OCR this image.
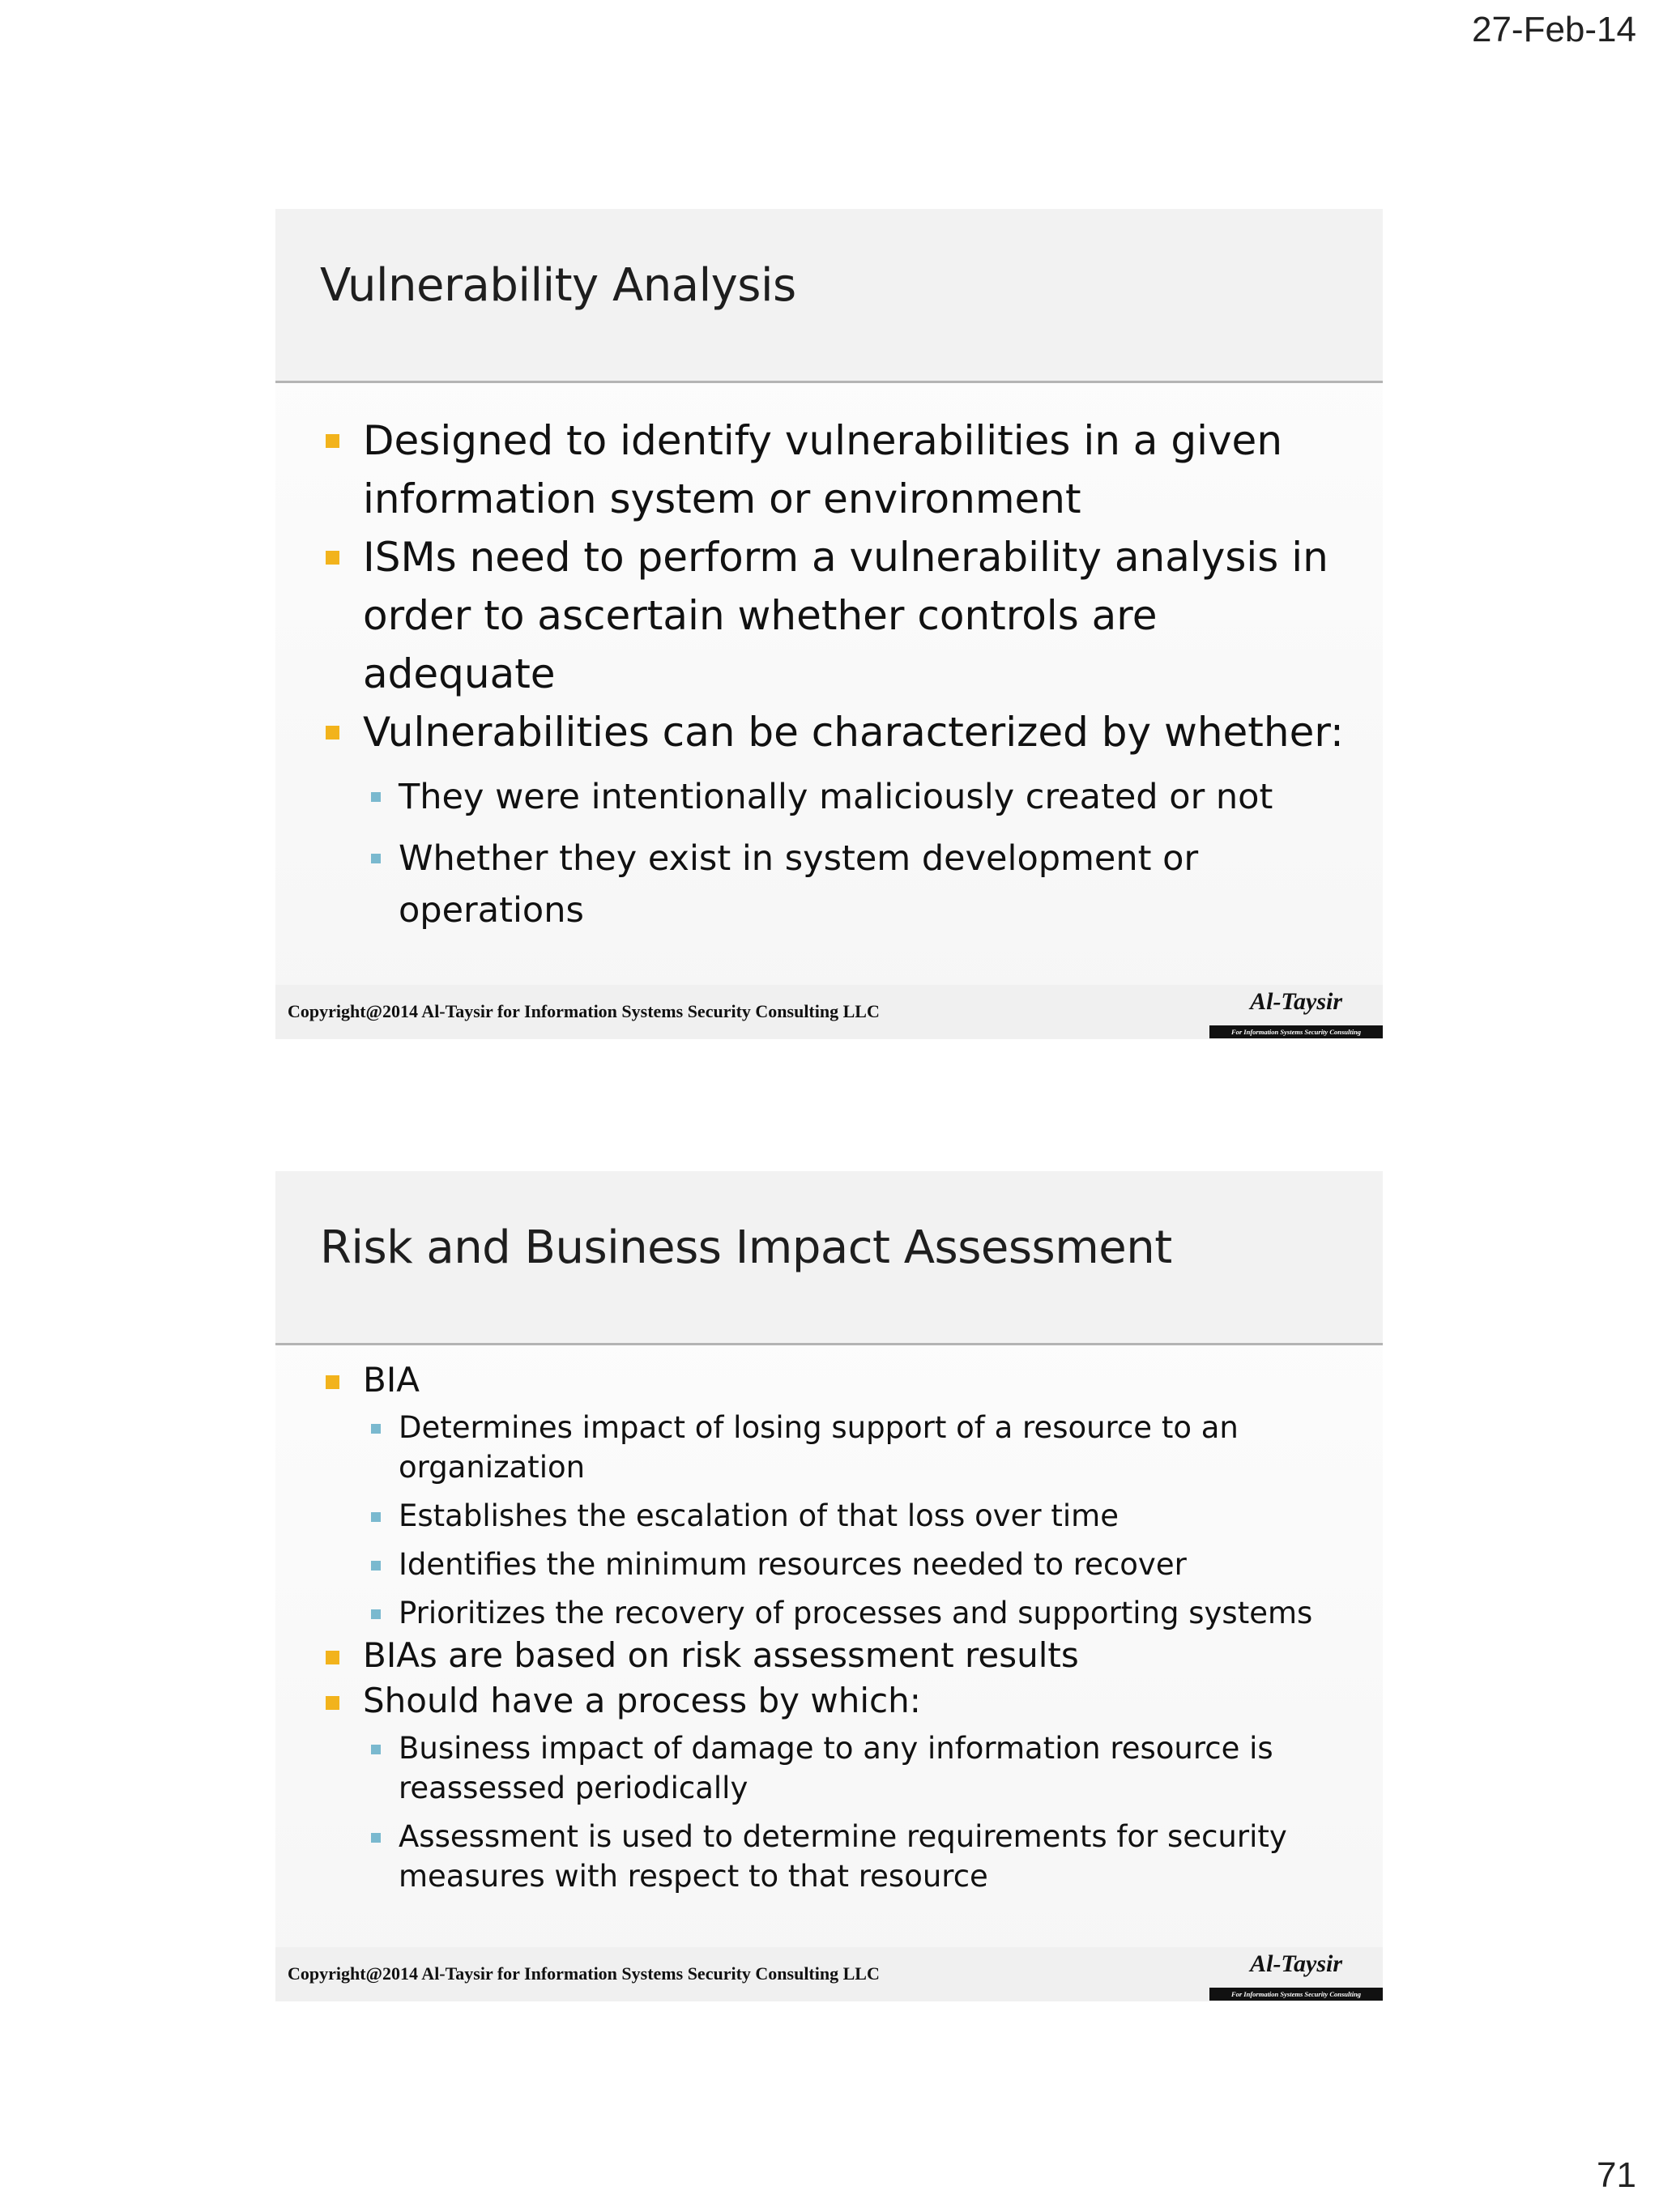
27-Feb-14
Vulnerability Analysis
Designed to identify vulnerabilities in a given information system or environment
ISMs need to perform a vulnerability analysis in order to ascertain whether controls are adequate
Vulnerabilities can be characterized by whether:
They were intentionally maliciously created or not
Whether they exist in system development or operations
Copyright@2014 Al-Taysir for Information Systems Security Consulting LLC	Al-Taysir
For Information Systems Security Consulting
Risk and Business Impact Assessment
BIA
Determines impact of losing support of a resource to an organization
Establishes the escalation of that loss over time
Identifies the minimum resources needed to recover
Prioritizes the recovery of processes and supporting systems
BIAs are based on risk assessment results
Should have a process by which:
Business impact of damage to any information resource is reassessed periodically
Assessment is used to determine requirements for security measures with respect to that resource
Copyright@2014 Al-Taysir for Information Systems Security Consulting LLC	Al-Taysir
For Information Systems Security Consulting
71
